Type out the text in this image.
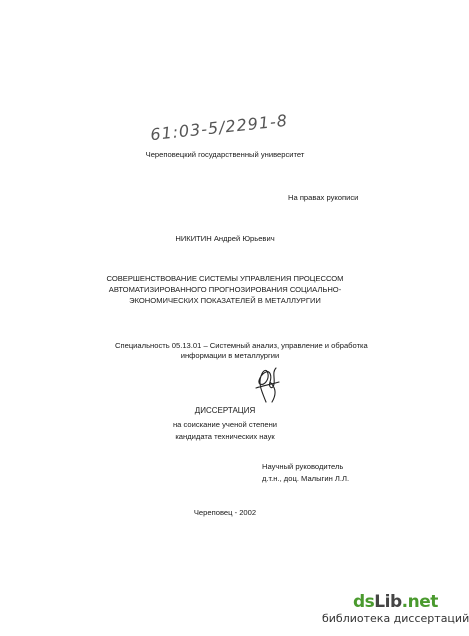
61:03-5/2291-8
Череповецкий государственный университет
На правах рукописи
НИКИТИН Андрей Юрьевич
СОВЕРШЕНСТВОВАНИЕ СИСТЕМЫ УПРАВЛЕНИЯ ПРОЦЕССОМ
АВТОМАТИЗИРОВАННОГО ПРОГНОЗИРОВАНИЯ СОЦИАЛЬНО-
ЭКОНОМИЧЕСКИХ ПОКАЗАТЕЛЕЙ В МЕТАЛЛУРГИИ
Специальность 05.13.01 – Системный анализ, управление и обработка
информации в металлургии
ДИССЕРТАЦИЯ
на соискание ученой степени
кандидата технических наук
Научный руководитель
д.т.н., доц. Малыгин Л.Л.
Череповец - 2002
dsLib.net
библиотека диссертаций
